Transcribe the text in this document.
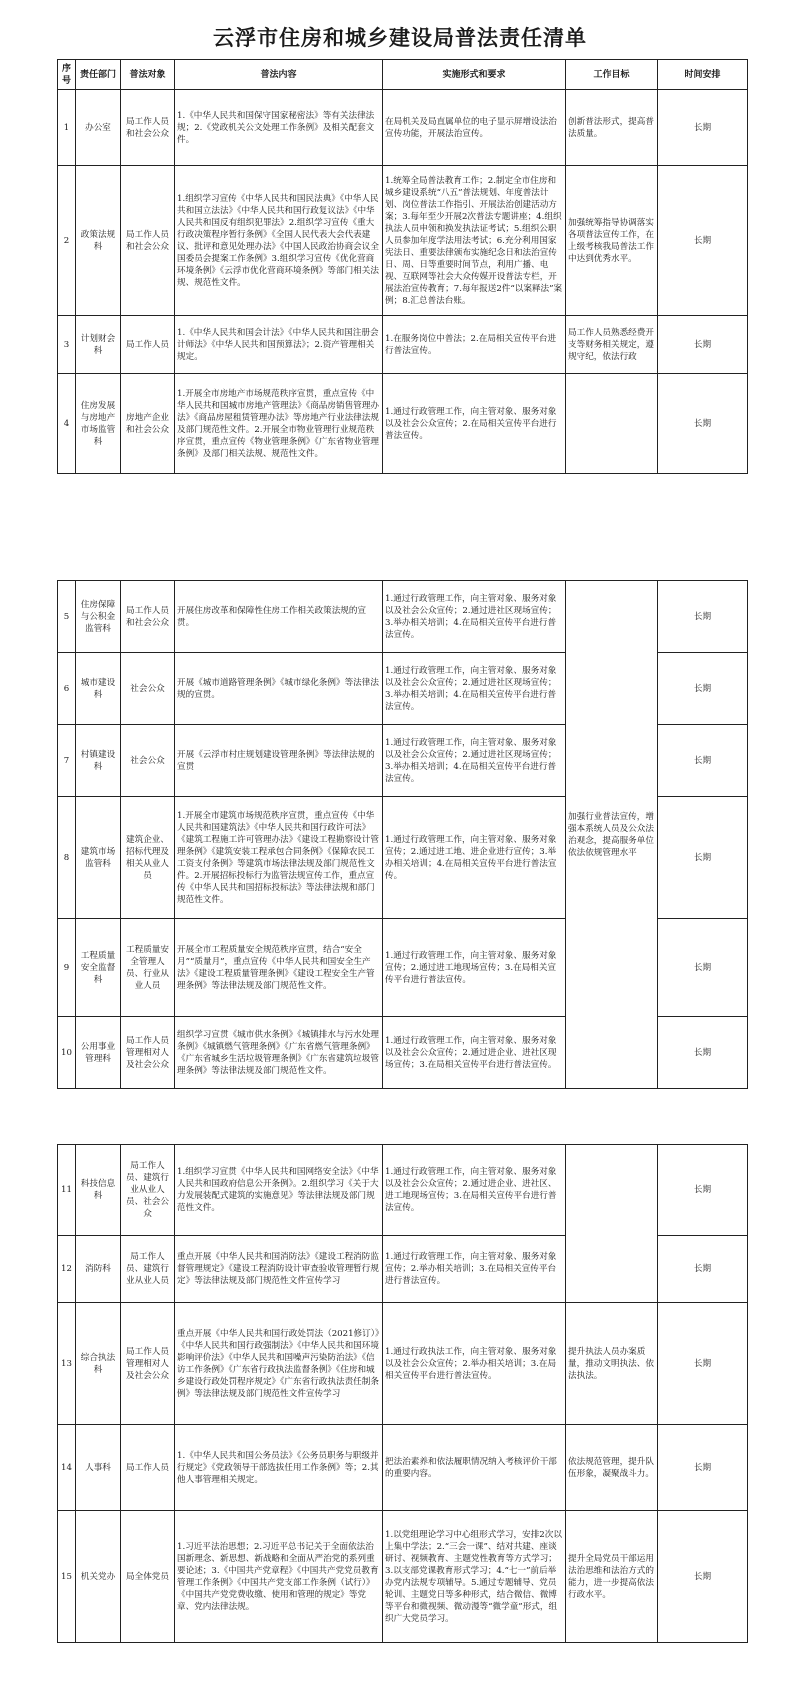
云浮市住房和城乡建设局普法责任清单
序号	责任部门	普法对象	普法内容	实施形式和要求	工作目标	时间安排
1	办公室	局工作人员和社会公众	1.《中华人民共和国保守国家秘密法》等有关法律法规；2.《党政机关公文处理工作条例》及相关配套文件。	在局机关及局直属单位的电子显示屏增设法治宣传功能，开展法治宣传。	创新普法形式，提高普法质量。	长期
2	政策法规科	局工作人员和社会公众	1.组织学习宣传《中华人民共和国民法典》《中华人民共和国立法法》《中华人民共和国行政复议法》《中华人民共和国反有组织犯罪法》2.组织学习宣传《重大行政决策程序暂行条例》《全国人民代表大会代表建议、批评和意见处理办法》《中国人民政治协商会议全国委员会提案工作条例》3.组织学习宣传《优化营商环境条例》《云浮市优化营商环境条例》等部门相关法规、规范性文件。	1.统筹全局普法教育工作；2.制定全市住房和城乡建设系统“八五”普法规划、年度普法计划、岗位普法工作指引、开展法治创建活动方案；3.每年至少开展2次普法专题讲座；4.组织执法人员申领和换发执法证考试；5.组织公职人员参加年度学法用法考试；6.充分利用国家宪法日、重要法律颁布实施纪念日和法治宣传日、周、日等重要时间节点，利用广播、电视、互联网等社会大众传媒开设普法专栏，开展法治宣传教育；7.每年报送2件“以案释法”案例；8.汇总普法台账。	加强统筹指导协调落实各项普法宣传工作，在上级考核我局普法工作中达到优秀水平。	长期
3	计划财会科	局工作人员	1.《中华人民共和国会计法》《中华人民共和国注册会计师法》《中华人民共和国预算法》；2.资产管理相关规定。	1.在服务岗位中普法；2.在局相关宣传平台进行普法宣传。	局工作人员熟悉经费开支等财务相关规定，遵规守纪，依法行政	长期
4	住房发展与房地产市场监管科	房地产企业和社会公众	1.开展全市房地产市场规范秩序宣贯，重点宣传《中华人民共和国城市房地产管理法》《商品房销售管理办法》《商品房屋租赁管理办法》等房地产行业法律法规及部门规范性文件。2.开展全市物业管理行业规范秩序宣贯，重点宣传《物业管理条例》《广东省物业管理条例》及部门相关法规、规范性文件。	1.通过行政管理工作，向主管对象、服务对象以及社会公众宣传；2.在局相关宣传平台进行普法宣传。		长期
5	住房保障与公积金监管科	局工作人员和社会公众	开展住房改革和保障性住房工作相关政策法规的宣贯。	1.通过行政管理工作，向主管对象、服务对象以及社会公众宣传；2.通过进社区现场宣传；3.举办相关培训；4.在局相关宣传平台进行普法宣传。	加强行业普法宣传，增强本系统人员及公众法治观念，提高服务单位依法依规管理水平	长期
6	城市建设科	社会公众	开展《城市道路管理条例》《城市绿化条例》等法律法规的宣贯。	1.通过行政管理工作，向主管对象、服务对象以及社会公众宣传；2.通过进社区现场宣传；3.举办相关培训；4.在局相关宣传平台进行普法宣传。		长期
7	村镇建设科	社会公众	开展《云浮市村庄规划建设管理条例》等法律法规的宣贯	1.通过行政管理工作，向主管对象、服务对象以及社会公众宣传；2.通过进社区现场宣传；3.举办相关培训；4.在局相关宣传平台进行普法宣传。		长期
8	建筑市场监管科	建筑企业、招标代理及相关从业人员	1.开展全市建筑市场规范秩序宣贯，重点宣传《中华人民共和国建筑法》《中华人民共和国行政许可法》《建筑工程施工许可管理办法》《建设工程勘察设计管理条例》《建筑安装工程承包合同条例》《保障农民工工资支付条例》等建筑市场法律法规及部门规范性文件。2.开展招标投标行为监管法规宣传工作，重点宣传《中华人民共和国招标投标法》等法律法规和部门规范性文件。	1.通过行政管理工作，向主管对象、服务对象宣传；2.通过进工地、进企业进行宣传；3.举办相关培训；4.在局相关宣传平台进行普法宣传。		长期
9	工程质量安全监督科	工程质量安全管理人员、行业从业人员	开展全市工程质量安全规范秩序宣贯，结合“安全月”“质量月”，重点宣传《中华人民共和国安全生产法》《建设工程质量管理条例》《建设工程安全生产管理条例》等法律法规及部门规范性文件。	1.通过行政管理工作，向主管对象、服务对象宣传；2.通过进工地现场宣传；3.在局相关宣传平台进行普法宣传。		长期
10	公用事业管理科	局工作人员管理相对人及社会公众	组织学习宣贯《城市供水条例》《城镇排水与污水处理条例》《城镇燃气管理条例》《广东省燃气管理条例》《广东省城乡生活垃圾管理条例》《广东省建筑垃圾管理条例》等法律法规及部门规范性文件。	1.通过行政管理工作，向主管对象、服务对象以及社会公众宣传；2.通过进企业、进社区现场宣传；3.在局相关宣传平台进行普法宣传。		长期
11	科技信息科	局工作人员、建筑行业从业人员、社会公众	1.组织学习宣贯《中华人民共和国网络安全法》《中华人民共和国政府信息公开条例》。2.组织学习《关于大力发展装配式建筑的实施意见》等法律法规及部门规范性文件。	1.通过行政管理工作，向主管对象、服务对象以及社会公众宣传；2.通过进企业、进社区、进工地现场宣传；3.在局相关宣传平台进行普法宣传。		长期
12	消防科	局工作人员、建筑行业从业人员	重点开展《中华人民共和国消防法》《建设工程消防监督管理规定》《建设工程消防设计审查验收管理暂行规定》等法律法规及部门规范性文件宣传学习	1.通过行政管理工作，向主管对象、服务对象宣传；2.举办相关培训；3.在局相关宣传平台进行普法宣传。		长期
13	综合执法科	局工作人员管理相对人及社会公众	重点开展《中华人民共和国行政处罚法（2021修订）》《中华人民共和国行政强制法》《中华人民共和国环境影响评价法》《中华人民共和国噪声污染防治法》《信访工作条例》《广东省行政执法监督条例》《住房和城乡建设行政处罚程序规定》《广东省行政执法责任制条例》等法律法规及部门规范性文件宣传学习	1.通过行政执法工作，向主管对象、服务对象以及社会公众宣传；2.举办相关培训；3.在局相关宣传平台进行普法宣传。	提升执法人员办案质量，推动文明执法、依法执法。	长期
14	人事科	局工作人员	1.《中华人民共和国公务员法》《公务员职务与职级并行规定》《党政领导干部选拔任用工作条例》等；2.其他人事管理相关规定。	把法治素养和依法履职情况纳入考核评价干部的重要内容。	依法规范管理，提升队伍形象，凝聚战斗力。	长期
15	机关党办	局全体党员	1.习近平法治思想；2.习近平总书记关于全面依法治国新理念、新思想、新战略和全面从严治党的系列重要论述；3.《中国共产党章程》《中国共产党党员教育管理工作条例》《中国共产党支部工作条例（试行）》《中国共产党党费收缴、使用和管理的规定》等党章、党内法律法规。	1.以党组理论学习中心组形式学习，安排2次以上集中学法；2.“三会一课”、结对共建、座谈研讨、视频教育、主题党性教育等方式学习；3.以支部党课教育形式学习；4.“七一”前后举办党内法规专项辅导。5.通过专题辅导、党员轮训、主题党日等多种形式，结合微信、微博等平台和微视频、微动漫等“微学童”形式，组织广大党员学习。	提升全局党员干部运用法治思维和法治方式的能力，进一步提高依法行政水平。	长期
